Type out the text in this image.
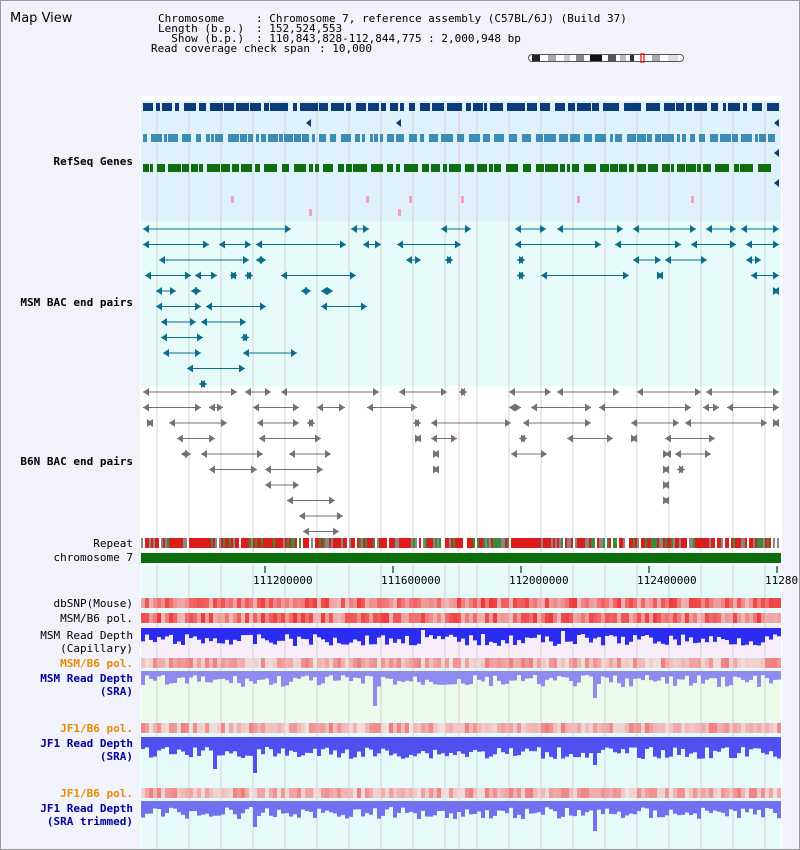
Map View	Chromosome : Chromosome 7, reference assembly (C57BL/6J) (Build 37)
Length (b.p.) : 152,524,553
Show (b.p.) : 110,843,828-112,844,775 : 2,000,948 bp
Read coverage check span : 10,000
RefSeq Genes
MSM BAC end pairs
B6N BAC end pairs
Repeat
chromosome 7
dbSNP(Mouse)
MSM/B6 pol.
MSM Read Depth
(Capillary)
MSM/B6 pol.
MSM Read Depth
(SRA)
JF1/B6 pol.
JF1 Read Depth
(SRA)
JF1/B6 pol.
JF1 Read Depth
(SRA trimmed)
111200000	111600000	112000000	112400000	11280
